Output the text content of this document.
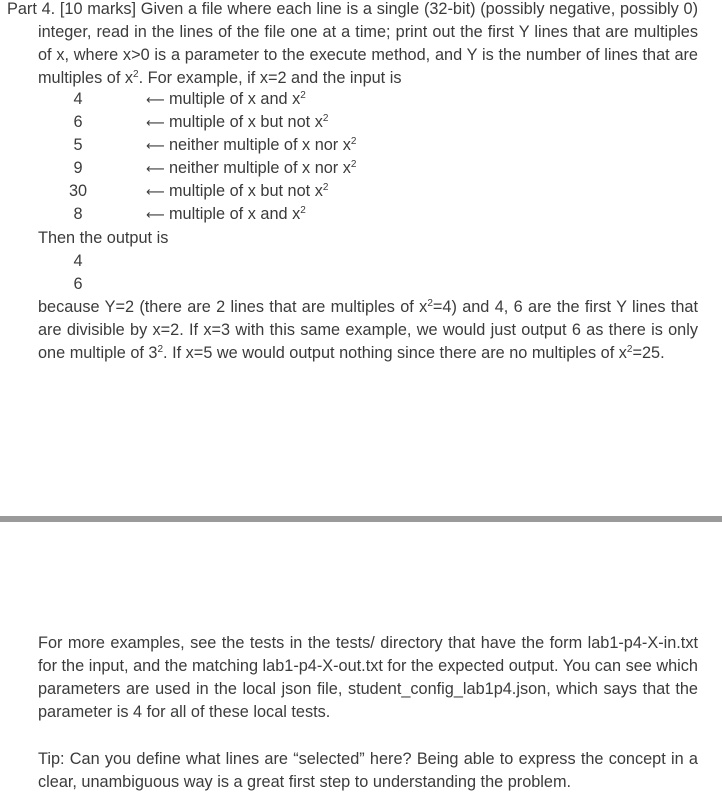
Part 4. [10 marks] Given a file where each line is a single (32-bit) (possibly negative, possibly 0) integer, read in the lines of the file one at a time; print out the first Y lines that are multiples of x, where x>0 is a parameter to the execute method, and Y is the number of lines that are multiples of $x^2$. For example, if x=2 and the input is

4	⟵ multiple of x and $x^2$
6	⟵ multiple of x but not $x^2$
5	⟵ neither multiple of x nor $x^2$
9	⟵ neither multiple of x nor $x^2$
30	⟵ multiple of x but not $x^2$
8	⟵ multiple of x and $x^2$
Then the output is
4
6

because Y=2 (there are 2 lines that are multiples of $x^2=4$) and 4, 6 are the first Y lines that are divisible by x=2. If x=3 with this same example, we would just output 6 as there is only one multiple of $3^2$. If x=5 we would output nothing since there are no multiples of $x^2=25$.

For more examples, see the tests in the tests/ directory that have the form lab1-p4-X-in.txt for the input, and the matching lab1-p4-X-out.txt for the expected output. You can see which parameters are used in the local json file, student_config_lab1p4.json, which says that the parameter is 4 for all of these local tests.

Tip: Can you define what lines are “selected” here? Being able to express the concept in a clear, unambiguous way is a great first step to understanding the problem.
